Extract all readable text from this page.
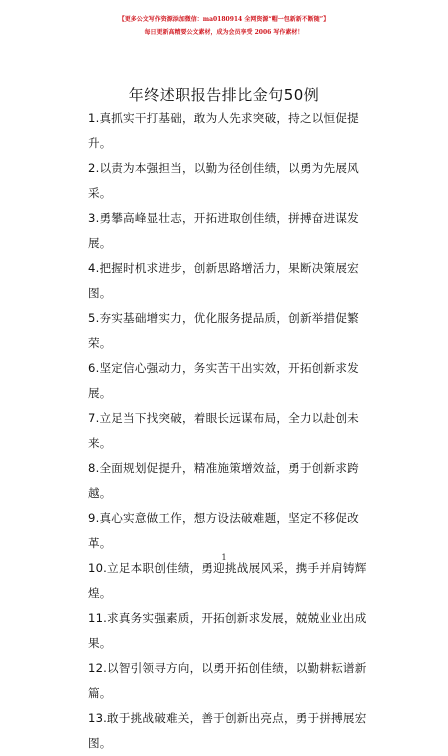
【更多公文写作资源添加微信：ma0180914 全网资源“帽一包新新不断随”】
每日更新高精要公文素材，成为会员享受 2006 写作素材！
年终述职报告排比金句50例

1.真抓实干打基础，敢为人先求突破，持之以恒促提升。

2.以责为本强担当，以勤为径创佳绩，以勇为先展风采。

3.勇攀高峰显壮志，开拓进取创佳绩，拼搏奋进谋发展。

4.把握时机求进步，创新思路增活力，果断决策展宏图。

5.夯实基础增实力，优化服务提品质，创新举措促繁荣。

6.坚定信心强动力，务实苦干出实效，开拓创新求发展。

7.立足当下找突破，着眼长远谋布局，全力以赴创未来。

8.全面规划促提升，精准施策增效益，勇于创新求跨越。

9.真心实意做工作，想方设法破难题，坚定不移促改革。

10.立足本职创佳绩，勇迎挑战展风采，携手并肩铸辉煌。

11.求真务实强素质，开拓创新求发展，兢兢业业出成果。

12.以智引领寻方向，以勇开拓创佳绩，以勤耕耘谱新篇。

13.敢于挑战破难关，善于创新出亮点，勇于拼搏展宏图。

1
